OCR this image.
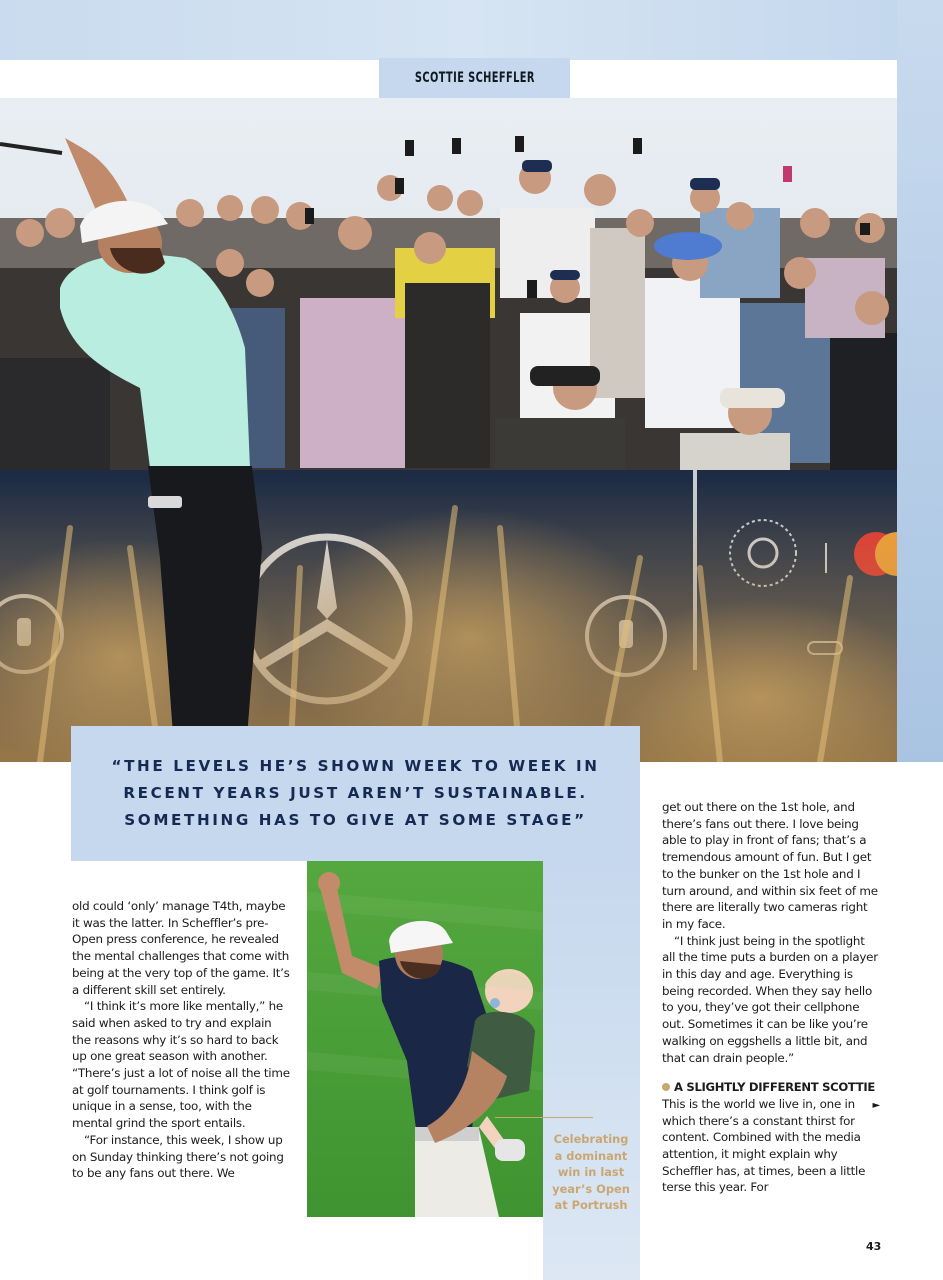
SCOTTIE SCHEFFLER
“THE LEVELS HE’S SHOWN WEEK TO WEEK IN
RECENT YEARS JUST AREN’T SUSTAINABLE.
SOMETHING HAS TO GIVE AT SOME STAGE”
Celebrating
a dominant
win in last
year’s Open
at Portrush

old could ‘only’ manage T4th, maybe it was the latter. In Scheffler’s pre-Open press conference, he revealed the mental challenges that come with being at the very top of the game. It’s a different skill set entirely.

“I think it’s more like mentally,” he said when asked to try and explain the reasons why it’s so hard to back up one great season with another. “There’s just a lot of noise all the time at golf tournaments. I think golf is unique in a sense, too, with the mental grind the sport entails.

“For instance, this week, I show up on Sunday thinking there’s not going to be any fans out there. We

get out there on the 1st hole, and there’s fans out there. I love being able to play in front of fans; that’s a tremendous amount of fun. But I get to the bunker on the 1st hole and I turn around, and within six feet of me there are literally two cameras right in my face.

“I think just being in the spotlight all the time puts a burden on a player in this day and age. Everything is being recorded. When they say hello to you, they’ve got their cellphone out. Sometimes it can be like you’re walking on eggshells a little bit, and that can drain people.”

A SLIGHTLY DIFFERENT SCOTTIE

►
This is the world we live in, one in which there’s a constant thirst for content. Combined with the media attention, it might explain why Scheffler has, at times, been a little terse this year. For

43
